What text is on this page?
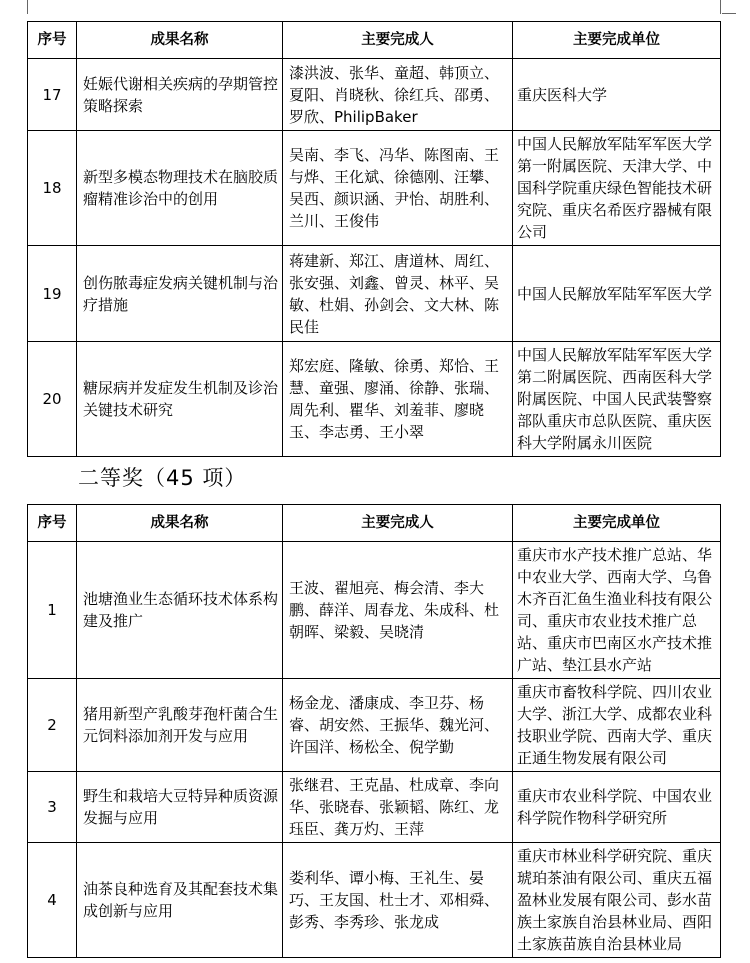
序号	成果名称	主要完成人	主要完成单位
17	妊娠代谢相关疾病的孕期管控策略探索	漆洪波、张华、童超、韩顶立、夏阳、肖晓秋、徐红兵、邵勇、罗欣、PhilipBaker	重庆医科大学

18	新型多模态物理技术在脑胶质瘤精准诊治中的创用	吴南、李飞、冯华、陈图南、王与烨、王化斌、徐德刚、汪攀、吴西、颜识涵、尹怡、胡胜利、兰川、王俊伟	中国人民解放军陆军军医大学第一附属医院、天津大学、中国科学院重庆绿色智能技术研究院、重庆名希医疗器械有限公司

19	创伤脓毒症发病关键机制与治疗措施	蒋建新、郑江、唐道林、周红、张安强、刘鑫、曾灵、林平、吴敏、杜娟、孙剑会、文大林、陈民佳	中国人民解放军陆军军医大学

20	糖尿病并发症发生机制及诊治关键技术研究	郑宏庭、隆敏、徐勇、郑恰、王慧、童强、廖涌、徐静、张瑞、周先利、瞿华、刘羞菲、廖晓玉、李志勇、王小翠	中国人民解放军陆军军医大学第二附属医院、西南医科大学附属医院、中国人民武装警察部队重庆市总队医院、重庆医科大学附属永川医院
二等奖（45 项）
序号	成果名称	主要完成人	主要完成单位
1	池塘渔业生态循环技术体系构建及推广	王波、翟旭亮、梅会清、李大鹏、薛洋、周春龙、朱成科、杜朝晖、梁毅、吴晓清	重庆市水产技术推广总站、华中农业大学、西南大学、乌鲁木齐百汇鱼生渔业科技有限公司、重庆市农业技术推广总站、重庆市巴南区水产技术推广站、垫江县水产站

2	猪用新型产乳酸芽孢杆菌合生元饲料添加剂开发与应用	杨金龙、潘康成、李卫芬、杨睿、胡安然、王振华、魏光河、许国洋、杨松全、倪学勤	重庆市畜牧科学院、四川农业大学、浙江大学、成都农业科技职业学院、西南大学、重庆正通生物发展有限公司

3	野生和栽培大豆特异种质资源发掘与应用	张继君、王克晶、杜成章、李向华、张晓春、张颖韬、陈红、龙珏臣、龚万灼、王萍	重庆市农业科学院、中国农业科学院作物科学研究所

4	油茶良种选育及其配套技术集成创新与应用	娄利华、谭小梅、王礼生、晏巧、王友国、杜士才、邓相舜、彭秀、李秀珍、张龙成	重庆市林业科学研究院、重庆琥珀茶油有限公司、重庆五福盈林业发展有限公司、彭水苗族土家族自治县林业局、酉阳土家族苗族自治县林业局
